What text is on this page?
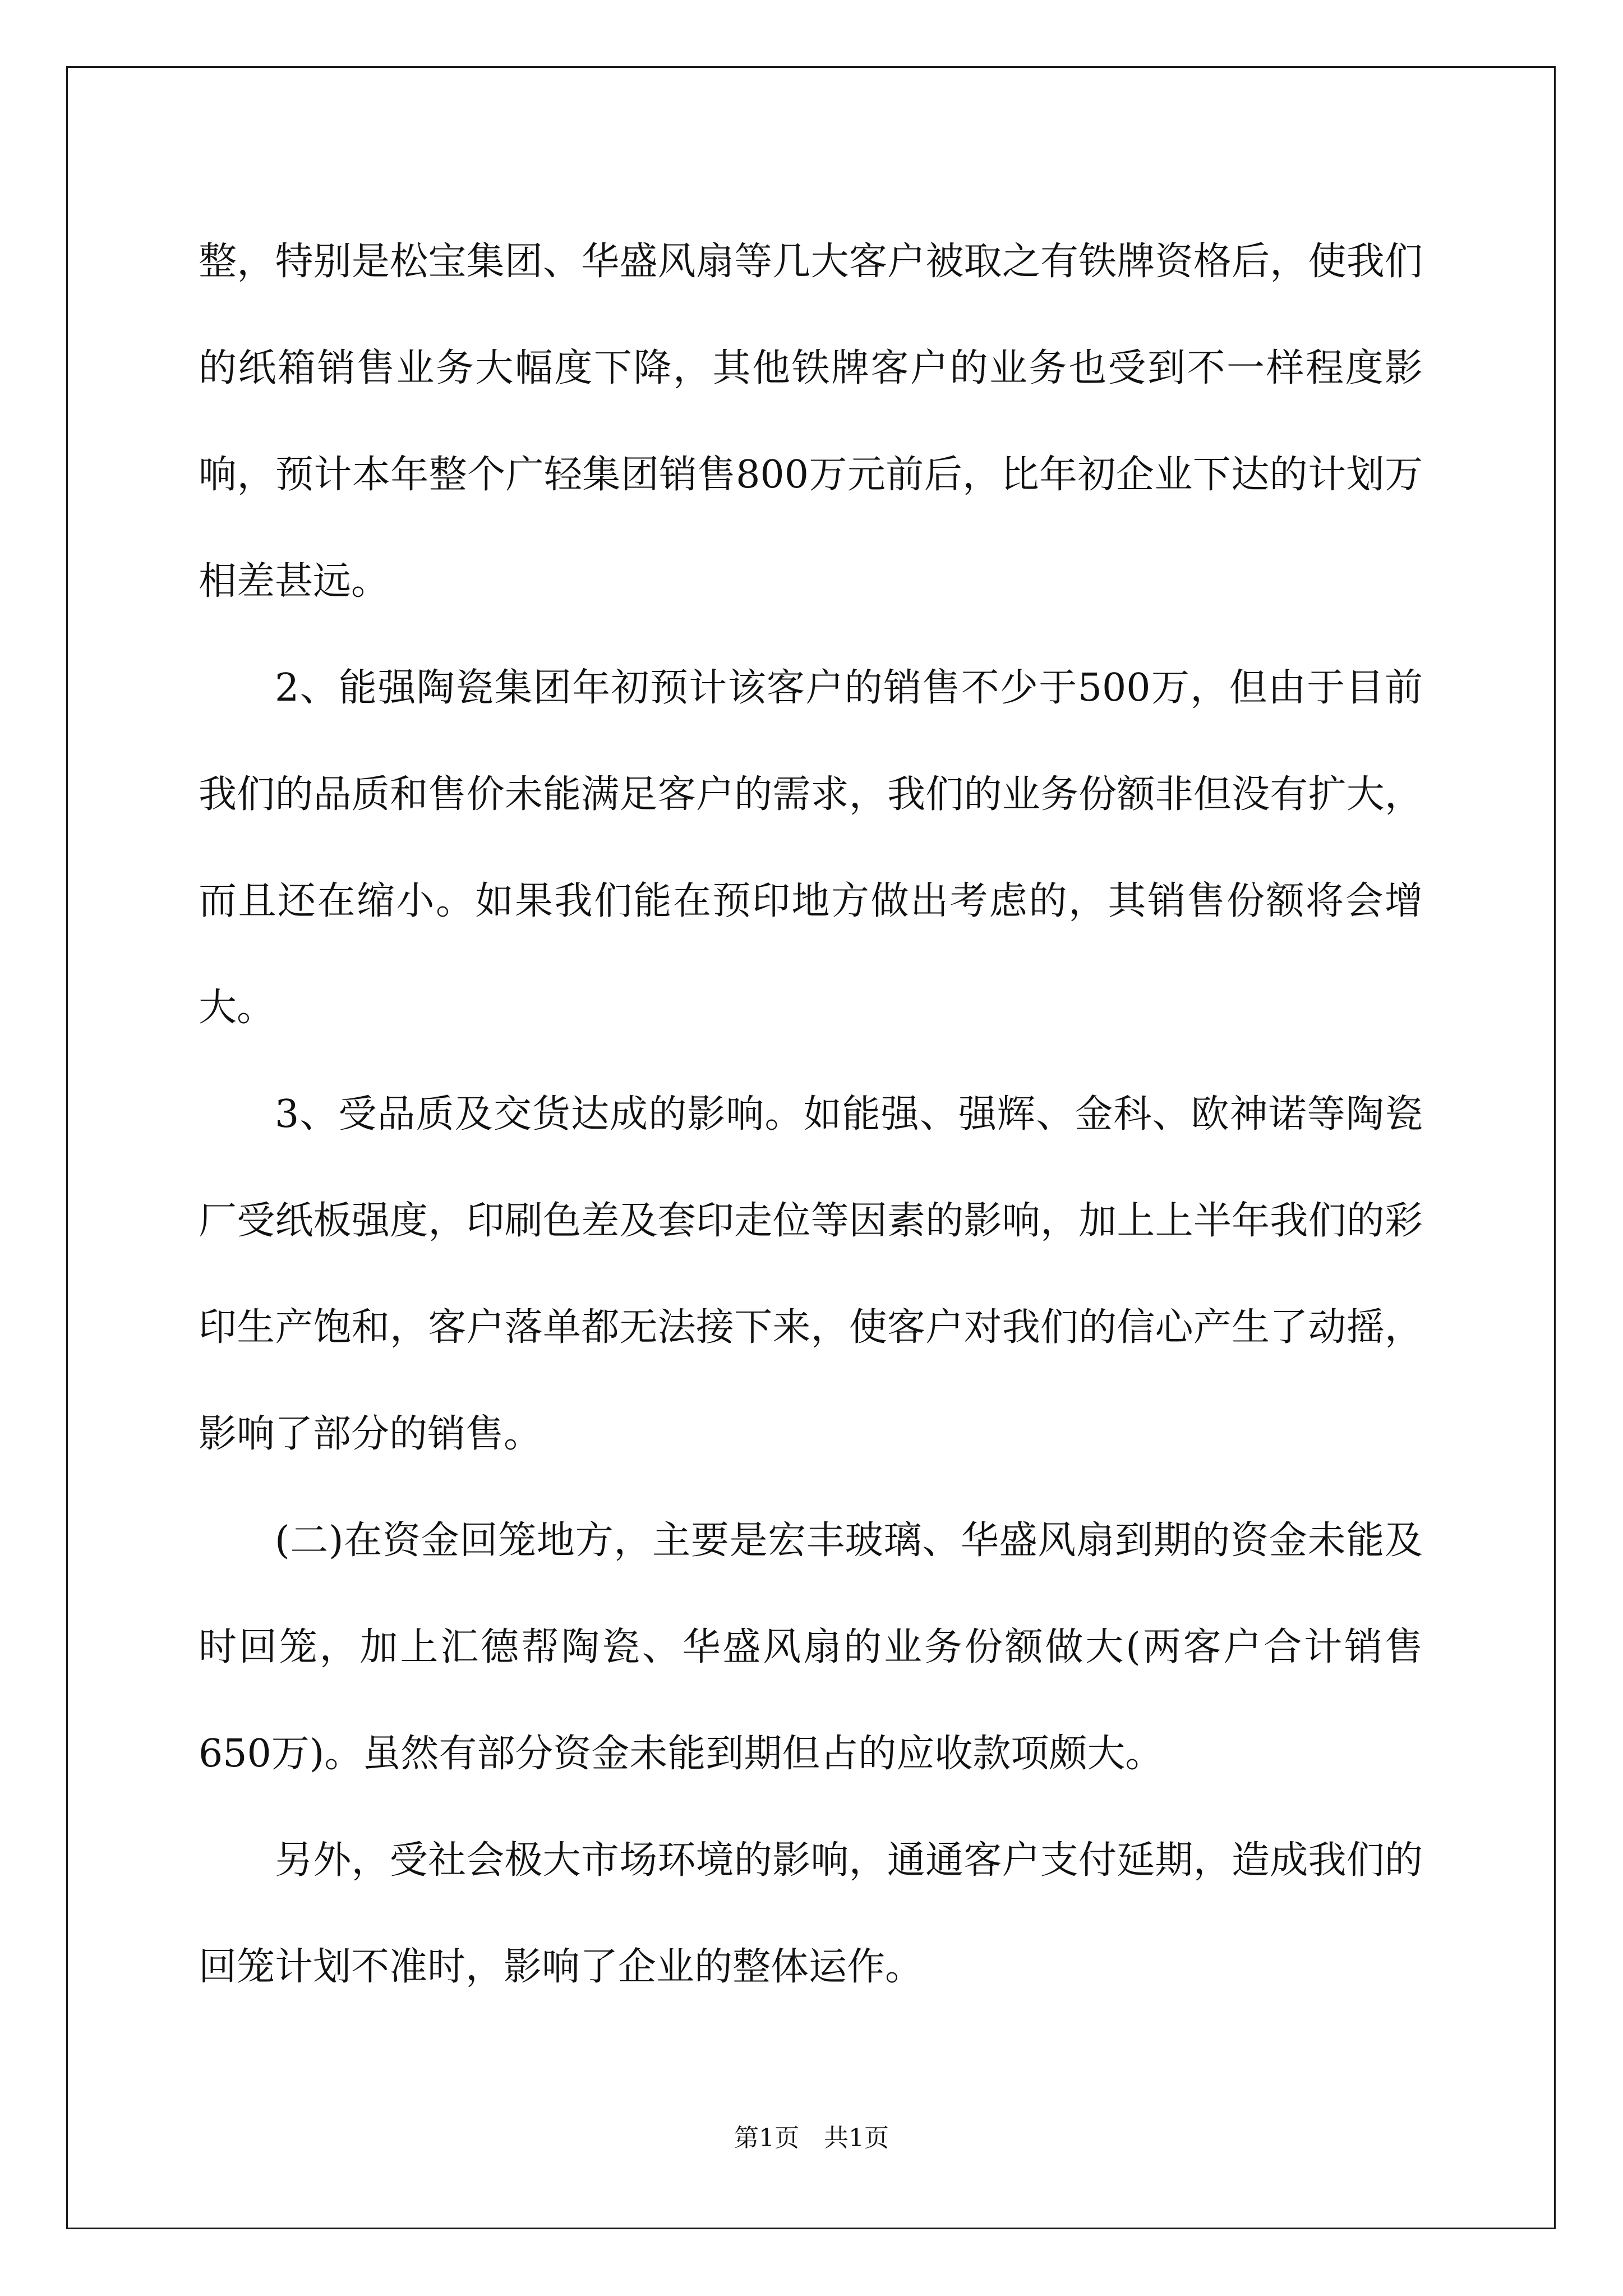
整，特别是松宝集团、华盛风扇等几大客户被取之有铁牌资格后，使我们的纸箱销售业务大幅度下降，其他铁牌客户的业务也受到不一样程度影响，预计本年整个广轻集团销售800万元前后，比年初企业下达的计划万相差甚远。

2、能强陶瓷集团年初预计该客户的销售不少于500万，但由于目前我们的品质和售价未能满足客户的需求，我们的业务份额非但没有扩大，而且还在缩小。如果我们能在预印地方做出考虑的，其销售份额将会增大。

3、受品质及交货达成的影响。如能强、强辉、金科、欧神诺等陶瓷厂受纸板强度，印刷色差及套印走位等因素的影响，加上上半年我们的彩印生产饱和，客户落单都无法接下来，使客户对我们的信心产生了动摇，影响了部分的销售。

(二)在资金回笼地方，主要是宏丰玻璃、华盛风扇到期的资金未能及时回笼，加上汇德帮陶瓷、华盛风扇的业务份额做大(两客户合计销售650万)。虽然有部分资金未能到期但占的应收款项颇大。

另外，受社会极大市场环境的影响，通通客户支付延期，造成我们的回笼计划不准时，影响了企业的整体运作。

第1页　共1页
